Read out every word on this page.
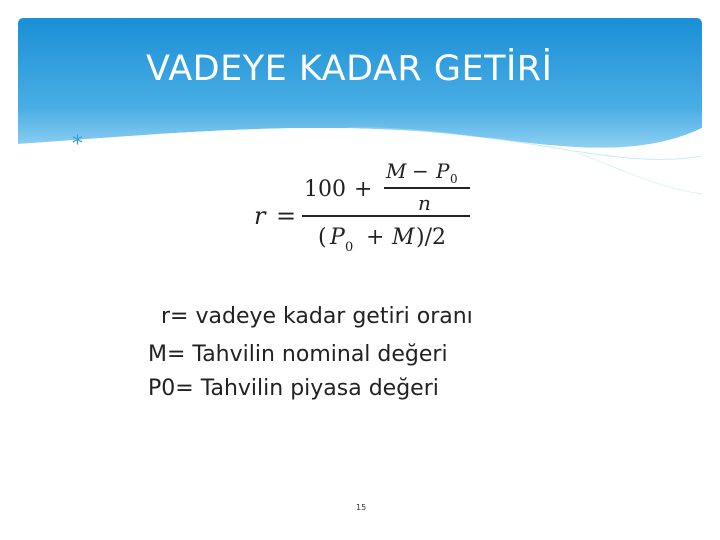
VADEYE KADAR GETİRİ
*
r =
100 +
M − P 0
n
( P 0 + M )/2
r= vadeye kadar getiri oranı
M= Tahvilin nominal değeri
P0= Tahvilin piyasa değeri
15
